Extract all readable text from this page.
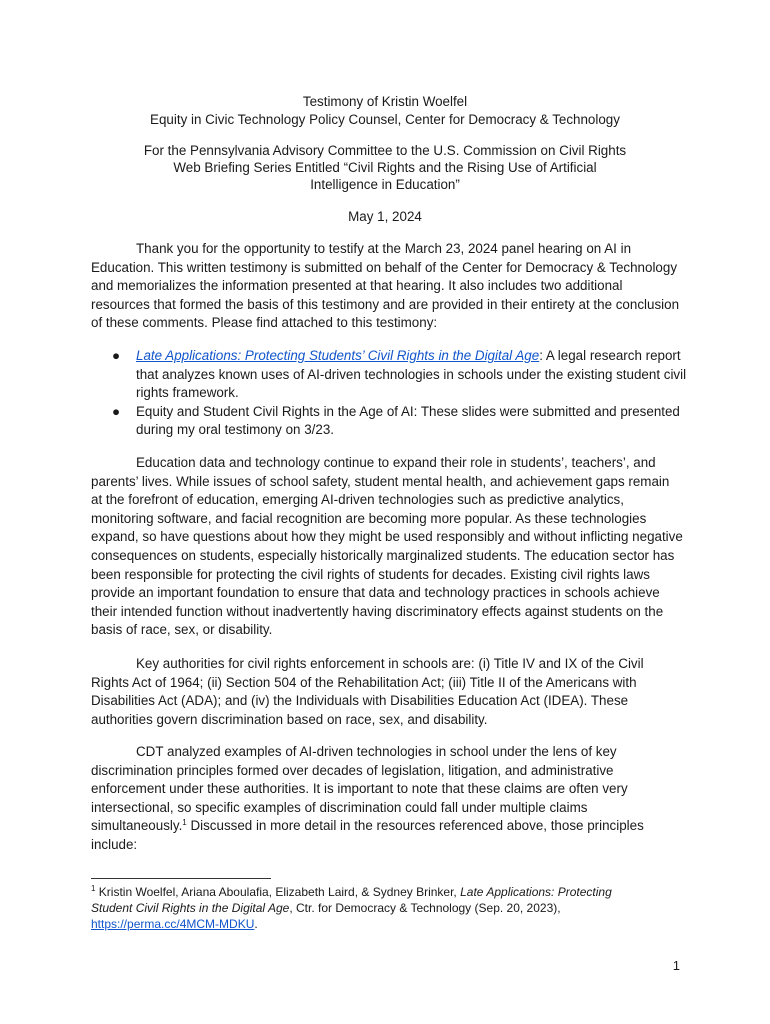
Testimony of Kristin Woelfel
Equity in Civic Technology Policy Counsel, Center for Democracy & Technology
For the Pennsylvania Advisory Committee to the U.S. Commission on Civil Rights
Web Briefing Series Entitled “Civil Rights and the Rising Use of Artificial
Intelligence in Education”
May 1, 2024

Thank you for the opportunity to testify at the March 23, 2024 panel hearing on AI in Education. This written testimony is submitted on behalf of the Center for Democracy & Technology and memorializes the information presented at that hearing. It also includes two additional resources that formed the basis of this testimony and are provided in their entirety at the conclusion of these comments. Please find attached to this testimony:

● Late Applications: Protecting Students’ Civil Rights in the Digital Age: A legal research report that analyzes known uses of AI-driven technologies in schools under the existing student civil rights framework.
● Equity and Student Civil Rights in the Age of AI: These slides were submitted and presented during my oral testimony on 3/23.

Education data and technology continue to expand their role in students’, teachers’, and parents’ lives. While issues of school safety, student mental health, and achievement gaps remain at the forefront of education, emerging AI-driven technologies such as predictive analytics, monitoring software, and facial recognition are becoming more popular. As these technologies expand, so have questions about how they might be used responsibly and without inflicting negative consequences on students, especially historically marginalized students. The education sector has been responsible for protecting the civil rights of students for decades. Existing civil rights laws provide an important foundation to ensure that data and technology practices in schools achieve their intended function without inadvertently having discriminatory effects against students on the basis of race, sex, or disability.

Key authorities for civil rights enforcement in schools are: (i) Title IV and IX of the Civil Rights Act of 1964; (ii) Section 504 of the Rehabilitation Act; (iii) Title II of the Americans with Disabilities Act (ADA); and (iv) the Individuals with Disabilities Education Act (IDEA). These authorities govern discrimination based on race, sex, and disability.

CDT analyzed examples of AI-driven technologies in school under the lens of key discrimination principles formed over decades of legislation, litigation, and administrative enforcement under these authorities. It is important to note that these claims are often very intersectional, so specific examples of discrimination could fall under multiple claims simultaneously.$^1$ Discussed in more detail in the resources referenced above, those principles include:

$^1$ Kristin Woelfel, Ariana Aboulafia, Elizabeth Laird, & Sydney Brinker, Late Applications: Protecting Student Civil Rights in the Digital Age, Ctr. for Democracy & Technology (Sep. 20, 2023), https://perma.cc/4MCM-MDKU.
1
